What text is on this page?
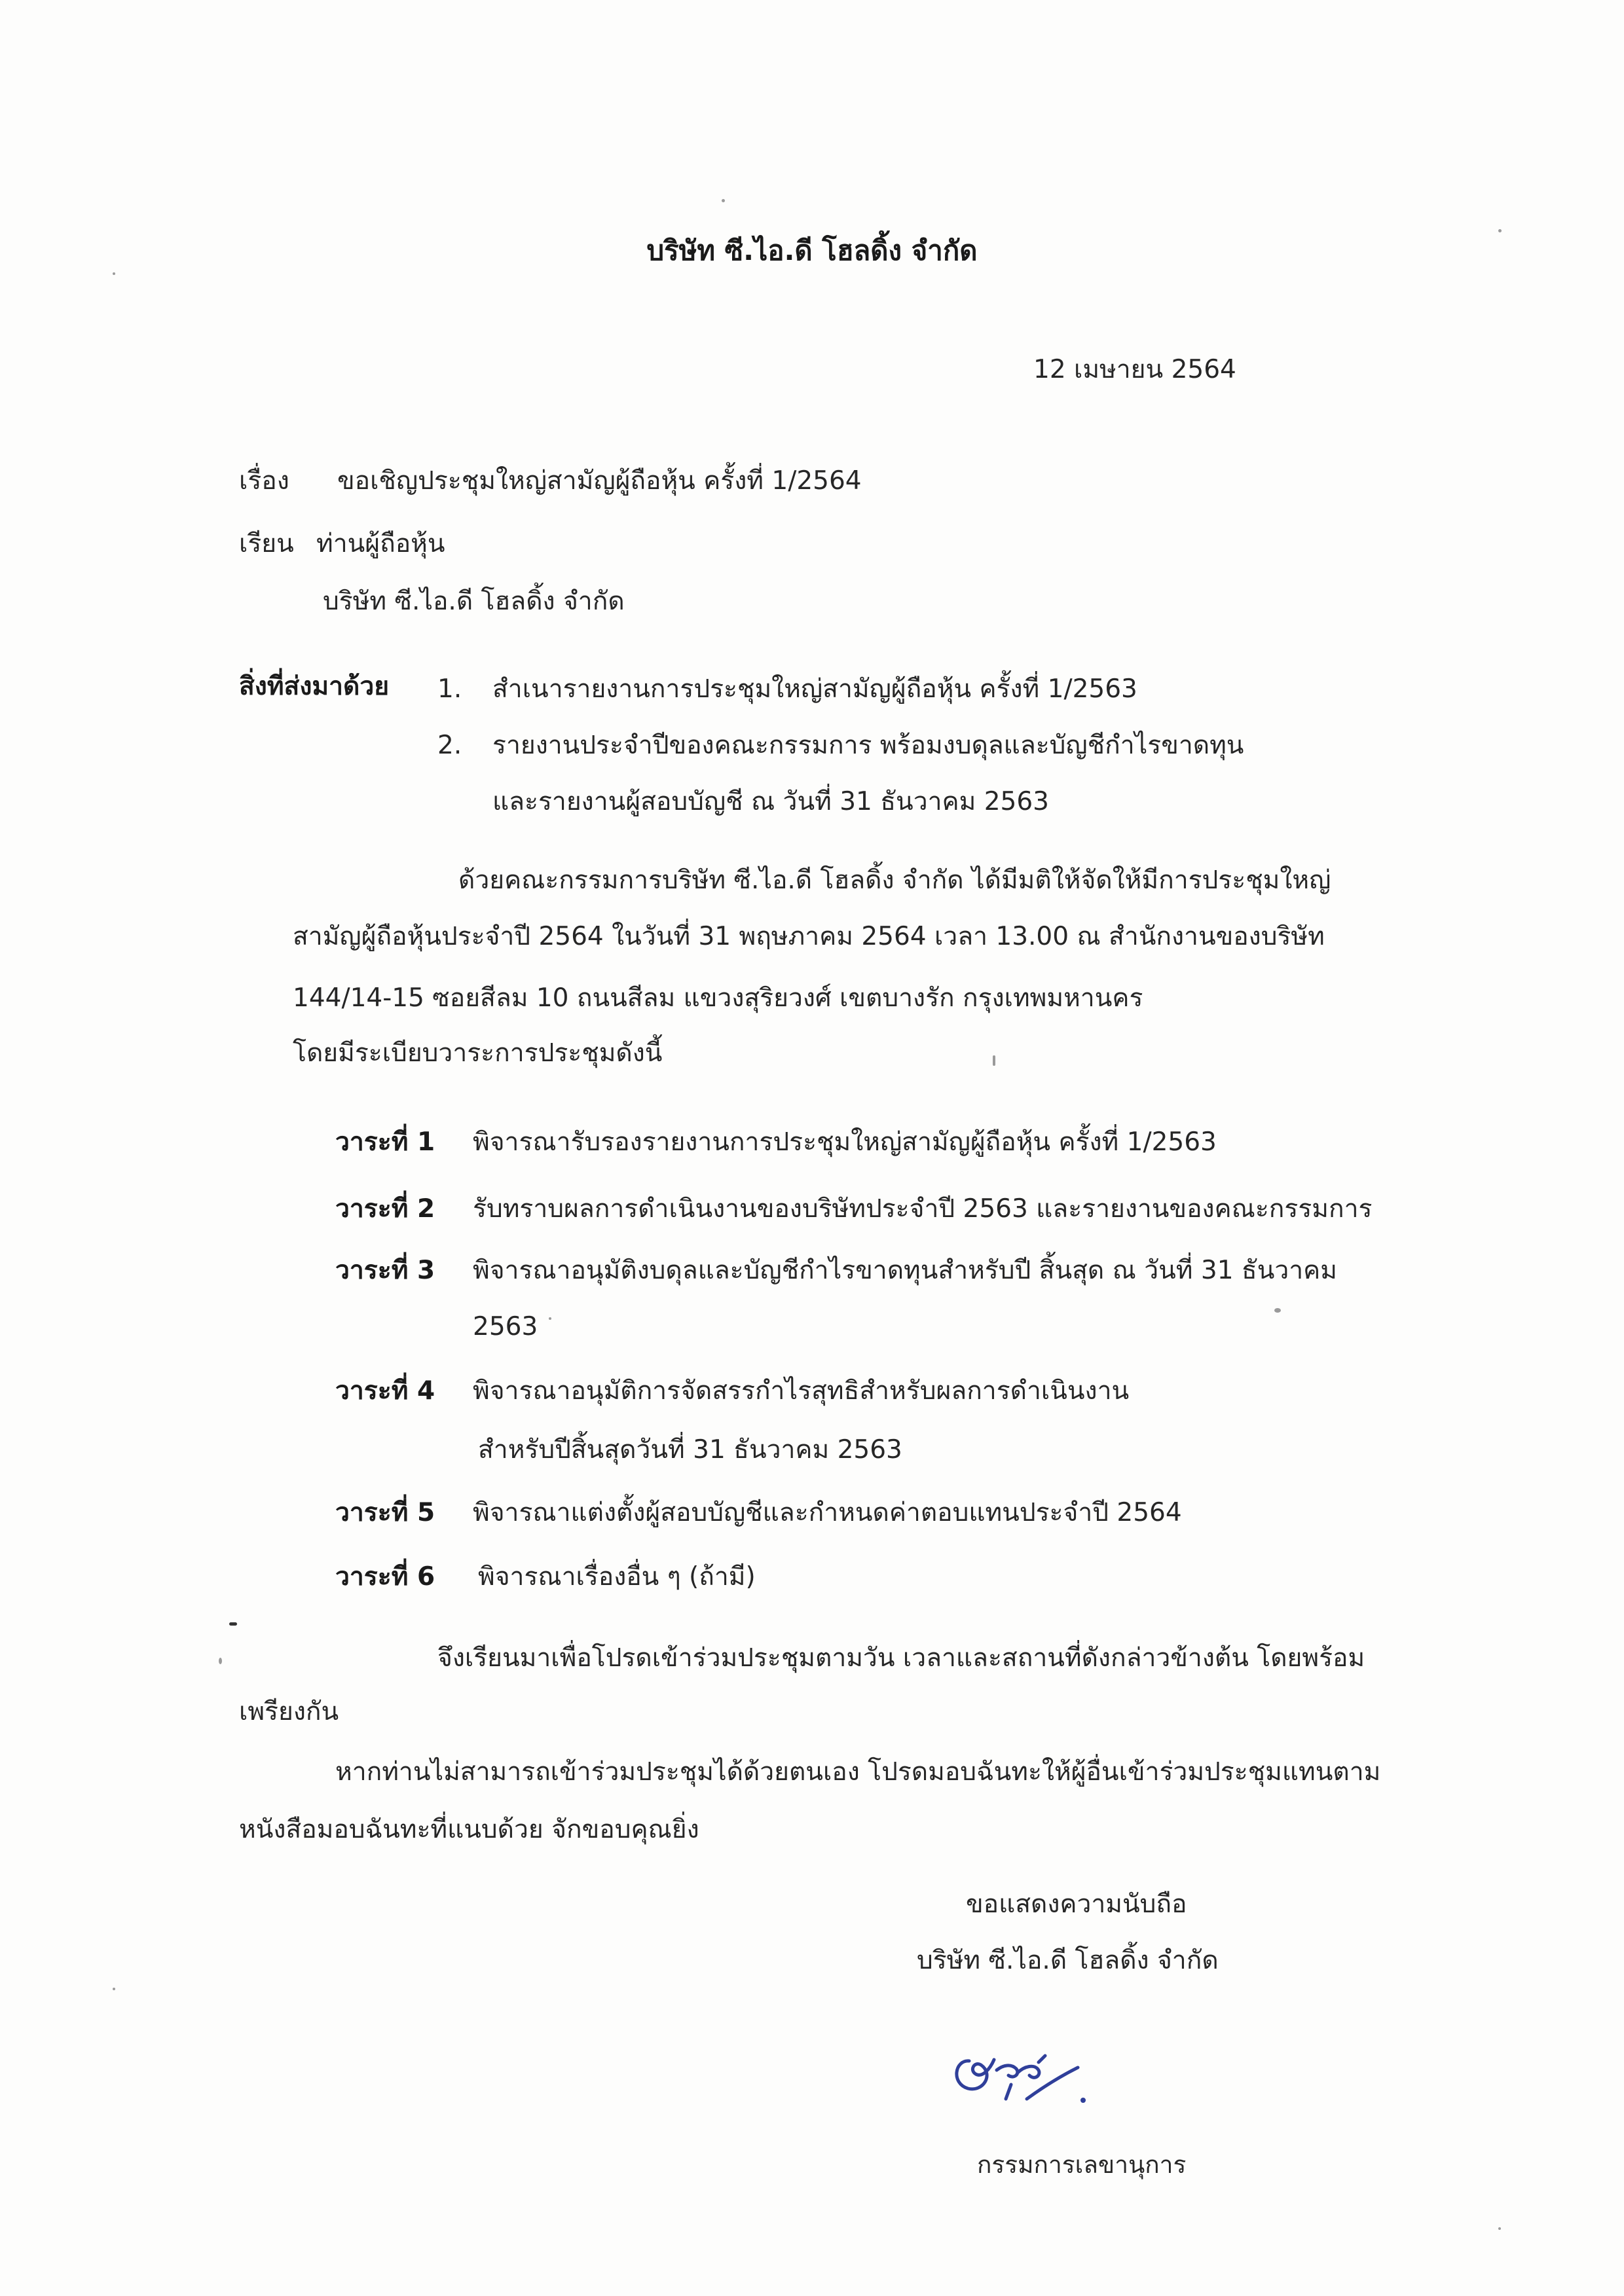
บริษัท ซี.ไอ.ดี โฮลดิ้ง จำกัด
12 เมษายน 2564
เรื่อง ขอเชิญประชุมใหญ่สามัญผู้ถือหุ้น ครั้งที่ 1/2564
เรียน ท่านผู้ถือหุ้น
บริษัท ซี.ไอ.ดี โฮลดิ้ง จำกัด
สิ่งที่ส่งมาด้วย 1. สำเนารายงานการประชุมใหญ่สามัญผู้ถือหุ้น ครั้งที่ 1/2563
2. รายงานประจำปีของคณะกรรมการ พร้อมงบดุลและบัญชีกำไรขาดทุน
และรายงานผู้สอบบัญชี ณ วันที่ 31 ธันวาคม 2563
ด้วยคณะกรรมการบริษัท ซี.ไอ.ดี โฮลดิ้ง จำกัด ได้มีมติให้จัดให้มีการประชุมใหญ่
สามัญผู้ถือหุ้นประจำปี 2564 ในวันที่ 31 พฤษภาคม 2564 เวลา 13.00 ณ สำนักงานของบริษัท
144/14-15 ซอยสีลม 10 ถนนสีลม แขวงสุริยวงศ์ เขตบางรัก กรุงเทพมหานคร
โดยมีระเบียบวาระการประชุมดังนี้
วาระที่ 1 พิจารณารับรองรายงานการประชุมใหญ่สามัญผู้ถือหุ้น ครั้งที่ 1/2563
วาระที่ 2 รับทราบผลการดำเนินงานของบริษัทประจำปี 2563 และรายงานของคณะกรรมการ
วาระที่ 3 พิจารณาอนุมัติงบดุลและบัญชีกำไรขาดทุนสำหรับปี สิ้นสุด ณ วันที่ 31 ธันวาคม
2563
วาระที่ 4 พิจารณาอนุมัติการจัดสรรกำไรสุทธิสำหรับผลการดำเนินงาน
สำหรับปีสิ้นสุดวันที่ 31 ธันวาคม 2563
วาระที่ 5 พิจารณาแต่งตั้งผู้สอบบัญชีและกำหนดค่าตอบแทนประจำปี 2564
วาระที่ 6 พิจารณาเรื่องอื่น ๆ (ถ้ามี)
จึงเรียนมาเพื่อโปรดเข้าร่วมประชุมตามวัน เวลาและสถานที่ดังกล่าวข้างต้น โดยพร้อม
เพรียงกัน
หากท่านไม่สามารถเข้าร่วมประชุมได้ด้วยตนเอง โปรดมอบฉันทะให้ผู้อื่นเข้าร่วมประชุมแทนตาม
หนังสือมอบฉันทะที่แนบด้วย จักขอบคุณยิ่ง
ขอแสดงความนับถือ
บริษัท ซี.ไอ.ดี โฮลดิ้ง จำกัด
กรรมการเลขานุการ
